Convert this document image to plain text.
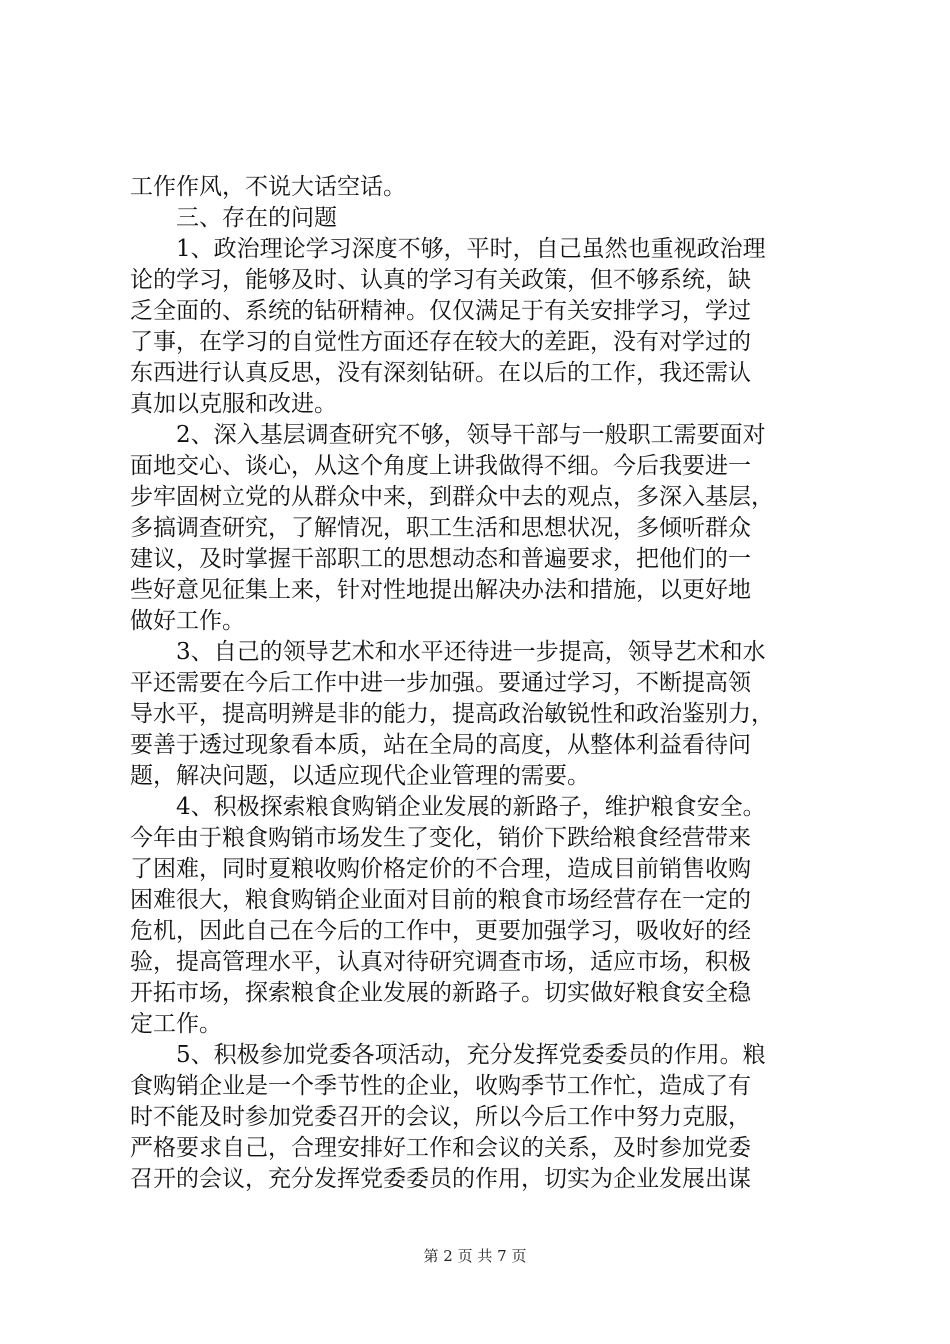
工作作风，不说大话空话。
三、存在的问题
1、政治理论学习深度不够，平时，自己虽然也重视政治理
论的学习，能够及时、认真的学习有关政策，但不够系统，缺
乏全面的、系统的钻研精神。仅仅满足于有关安排学习，学过
了事，在学习的自觉性方面还存在较大的差距，没有对学过的
东西进行认真反思，没有深刻钻研。在以后的工作，我还需认
真加以克服和改进。
2、深入基层调查研究不够，领导干部与一般职工需要面对
面地交心、谈心，从这个角度上讲我做得不细。今后我要进一
步牢固树立党的从群众中来，到群众中去的观点，多深入基层，
多搞调查研究，了解情况，职工生活和思想状况，多倾听群众
建议，及时掌握干部职工的思想动态和普遍要求，把他们的一
些好意见征集上来，针对性地提出解决办法和措施，以更好地
做好工作。
3、自己的领导艺术和水平还待进一步提高，领导艺术和水
平还需要在今后工作中进一步加强。要通过学习，不断提高领
导水平，提高明辨是非的能力，提高政治敏锐性和政治鉴别力，
要善于透过现象看本质，站在全局的高度，从整体利益看待问
题，解决问题，以适应现代企业管理的需要。
4、积极探索粮食购销企业发展的新路子，维护粮食安全。
今年由于粮食购销市场发生了变化，销价下跌给粮食经营带来
了困难，同时夏粮收购价格定价的不合理，造成目前销售收购
困难很大，粮食购销企业面对目前的粮食市场经营存在一定的
危机，因此自己在今后的工作中，更要加强学习，吸收好的经
验，提高管理水平，认真对待研究调查市场，适应市场，积极
开拓市场，探索粮食企业发展的新路子。切实做好粮食安全稳
定工作。
5、积极参加党委各项活动，充分发挥党委委员的作用。粮
食购销企业是一个季节性的企业，收购季节工作忙，造成了有
时不能及时参加党委召开的会议，所以今后工作中努力克服，
严格要求自己，合理安排好工作和会议的关系，及时参加党委
召开的会议，充分发挥党委委员的作用，切实为企业发展出谋
第 2 页 共 7 页
